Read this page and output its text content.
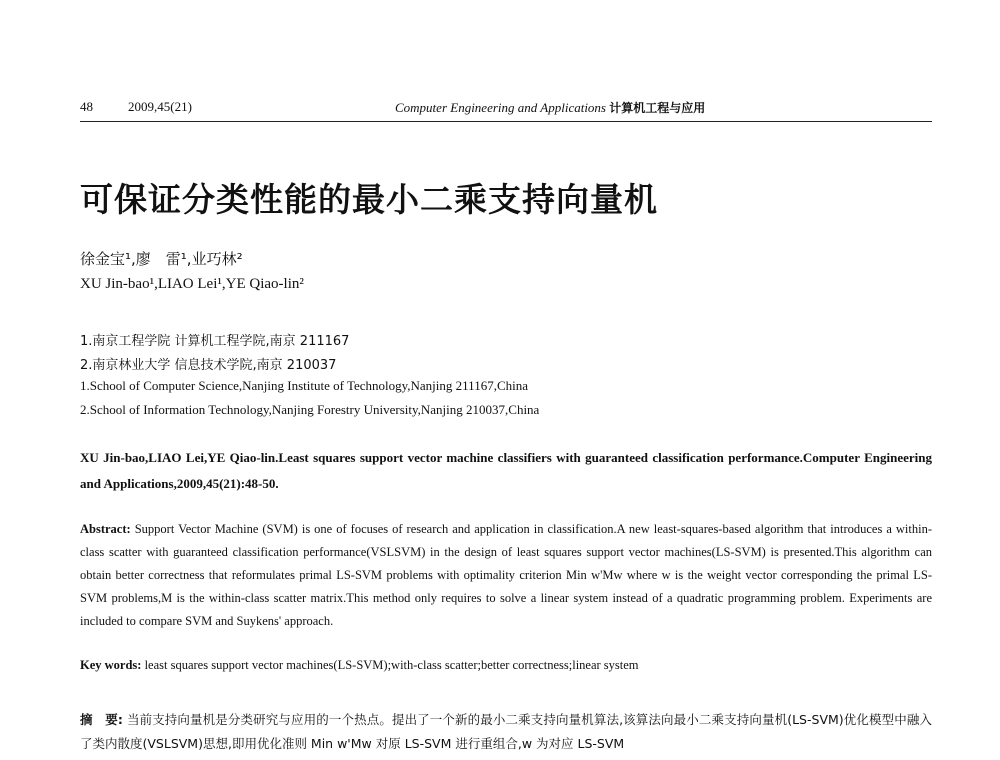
48	2009,45(21)	Computer Engineering and Applications 计算机工程与应用
可保证分类性能的最小二乘支持向量机
徐金宝¹,廖　雷¹,业巧林²
XU Jin-bao¹,LIAO Lei¹,YE Qiao-lin²
1.南京工程学院 计算机工程学院,南京 211167
2.南京林业大学 信息技术学院,南京 210037
1.School of Computer Science,Nanjing Institute of Technology,Nanjing 211167,China
2.School of Information Technology,Nanjing Forestry University,Nanjing 210037,China
XU Jin-bao,LIAO Lei,YE Qiao-lin.Least squares support vector machine classifiers with guaranteed classification performance.Computer Engineering and Applications,2009,45(21):48-50.
Abstract: Support Vector Machine (SVM) is one of focuses of research and application in classification.A new least-squares-based algorithm that introduces a within-class scatter with guaranteed classification performance(VSLSVM) in the design of least squares support vector machines(LS-SVM) is presented.This algorithm can obtain better correctness that reformulates primal LS-SVM problems with optimality criterion Min w'Mw where w is the weight vector corresponding the primal LS-SVM problems,M is the within-class scatter matrix.This method only requires to solve a linear system instead of a quadratic programming problem. Experiments are included to compare SVM and Suykens' approach.
Key words: least squares support vector machines(LS-SVM);with-class scatter;better correctness;linear system
摘　要: 当前支持向量机是分类研究与应用的一个热点。提出了一个新的最小二乘支持向量机算法,该算法向最小二乘支持向量机(LS-SVM)优化模型中融入了类内散度(VSLSVM)思想,即用优化准则 Min w'Mw 对原 LS-SVM 进行重组合,w 为对应 LS-SVM
